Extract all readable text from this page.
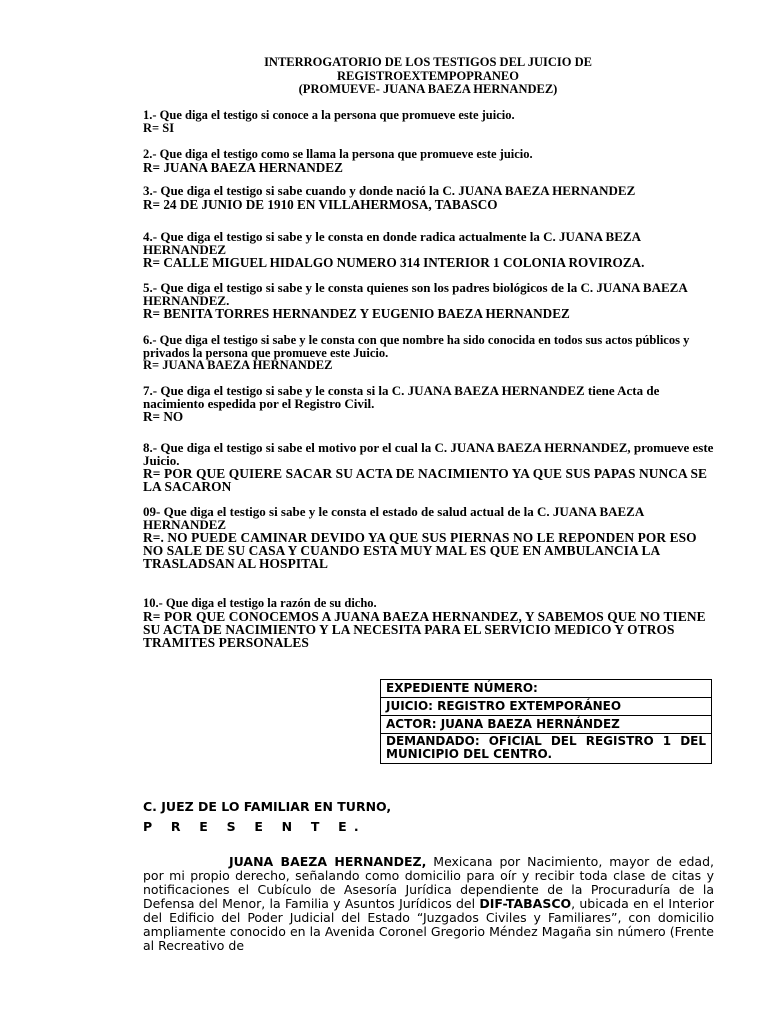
INTERROGATORIO DE LOS TESTIGOS DEL JUICIO DE
REGISTROEXTEMPOPRANEO
(PROMUEVE- JUANA BAEZA HERNANDEZ)

1.- Que diga el testigo si conoce a la persona que promueve este juicio.

R= SI

2.- Que diga el testigo como se llama la persona que promueve este juicio.

R= JUANA BAEZA HERNANDEZ

3.- Que diga el testigo si sabe cuando y donde nació la C. JUANA BAEZA HERNANDEZ

R= 24 DE JUNIO DE 1910 EN VILLAHERMOSA, TABASCO

4.- Que diga el testigo si sabe y le consta en donde radica actualmente la C. JUANA BEZA HERNANDEZ

R= CALLE MIGUEL HIDALGO NUMERO 314 INTERIOR 1 COLONIA ROVIROZA.

5.- Que diga el testigo si sabe y le consta quienes son los padres biológicos de la C. JUANA BAEZA HERNANDEZ.

R= BENITA TORRES HERNANDEZ Y EUGENIO BAEZA HERNANDEZ

6.- Que diga el testigo si sabe y le consta con que nombre ha sido conocida en todos sus actos públicos y privados la persona que promueve este Juicio.

R= JUANA BAEZA HERNANDEZ

7.- Que diga el testigo si sabe y le consta si la C. JUANA BAEZA HERNANDEZ tiene Acta de nacimiento espedida por el Registro Civil.

R= NO

8.- Que diga el testigo si sabe el motivo por el cual la C. JUANA BAEZA HERNANDEZ, promueve este Juicio.

R= POR QUE QUIERE SACAR SU ACTA DE NACIMIENTO YA QUE SUS PAPAS NUNCA SE LA SACARON

09- Que diga el testigo si sabe y le consta el estado de salud actual de la C. JUANA BAEZA HERNANDEZ

R=. NO PUEDE CAMINAR DEVIDO YA QUE SUS PIERNAS NO LE REPONDEN POR ESO NO SALE DE SU CASA Y CUANDO ESTA MUY MAL ES QUE EN AMBULANCIA LA TRASLADSAN AL HOSPITAL

10.- Que diga el testigo la razón de su dicho.

R= POR QUE CONOCEMOS A JUANA BAEZA HERNANDEZ, Y SABEMOS QUE NO TIENE SU ACTA DE NACIMIENTO Y LA NECESITA PARA EL SERVICIO MEDICO Y OTROS TRAMITES PERSONALES

EXPEDIENTE NÚMERO:
JUICIO: REGISTRO EXTEMPORÁNEO
ACTOR: JUANA BAEZA HERNÁNDEZ
DEMANDADO: OFICIAL DEL REGISTRO 1 DEL MUNICIPIO DEL CENTRO.
C. JUEZ DE LO FAMILIAR EN TURNO,
P R E S E N T E.
JUANA BAEZA HERNANDEZ, Mexicana por Nacimiento, mayor de edad, por mi propio derecho, señalando como domicilio para oír y recibir toda clase de citas y notificaciones el Cubículo de Asesoría Jurídica dependiente de la Procuraduría de la Defensa del Menor, la Familia y Asuntos Jurídicos del DIF-TABASCO, ubicada en el Interior del Edificio del Poder Judicial del Estado “Juzgados Civiles y Familiares”, con domicilio ampliamente conocido en la Avenida Coronel Gregorio Méndez Magaña sin número (Frente al Recreativo de
